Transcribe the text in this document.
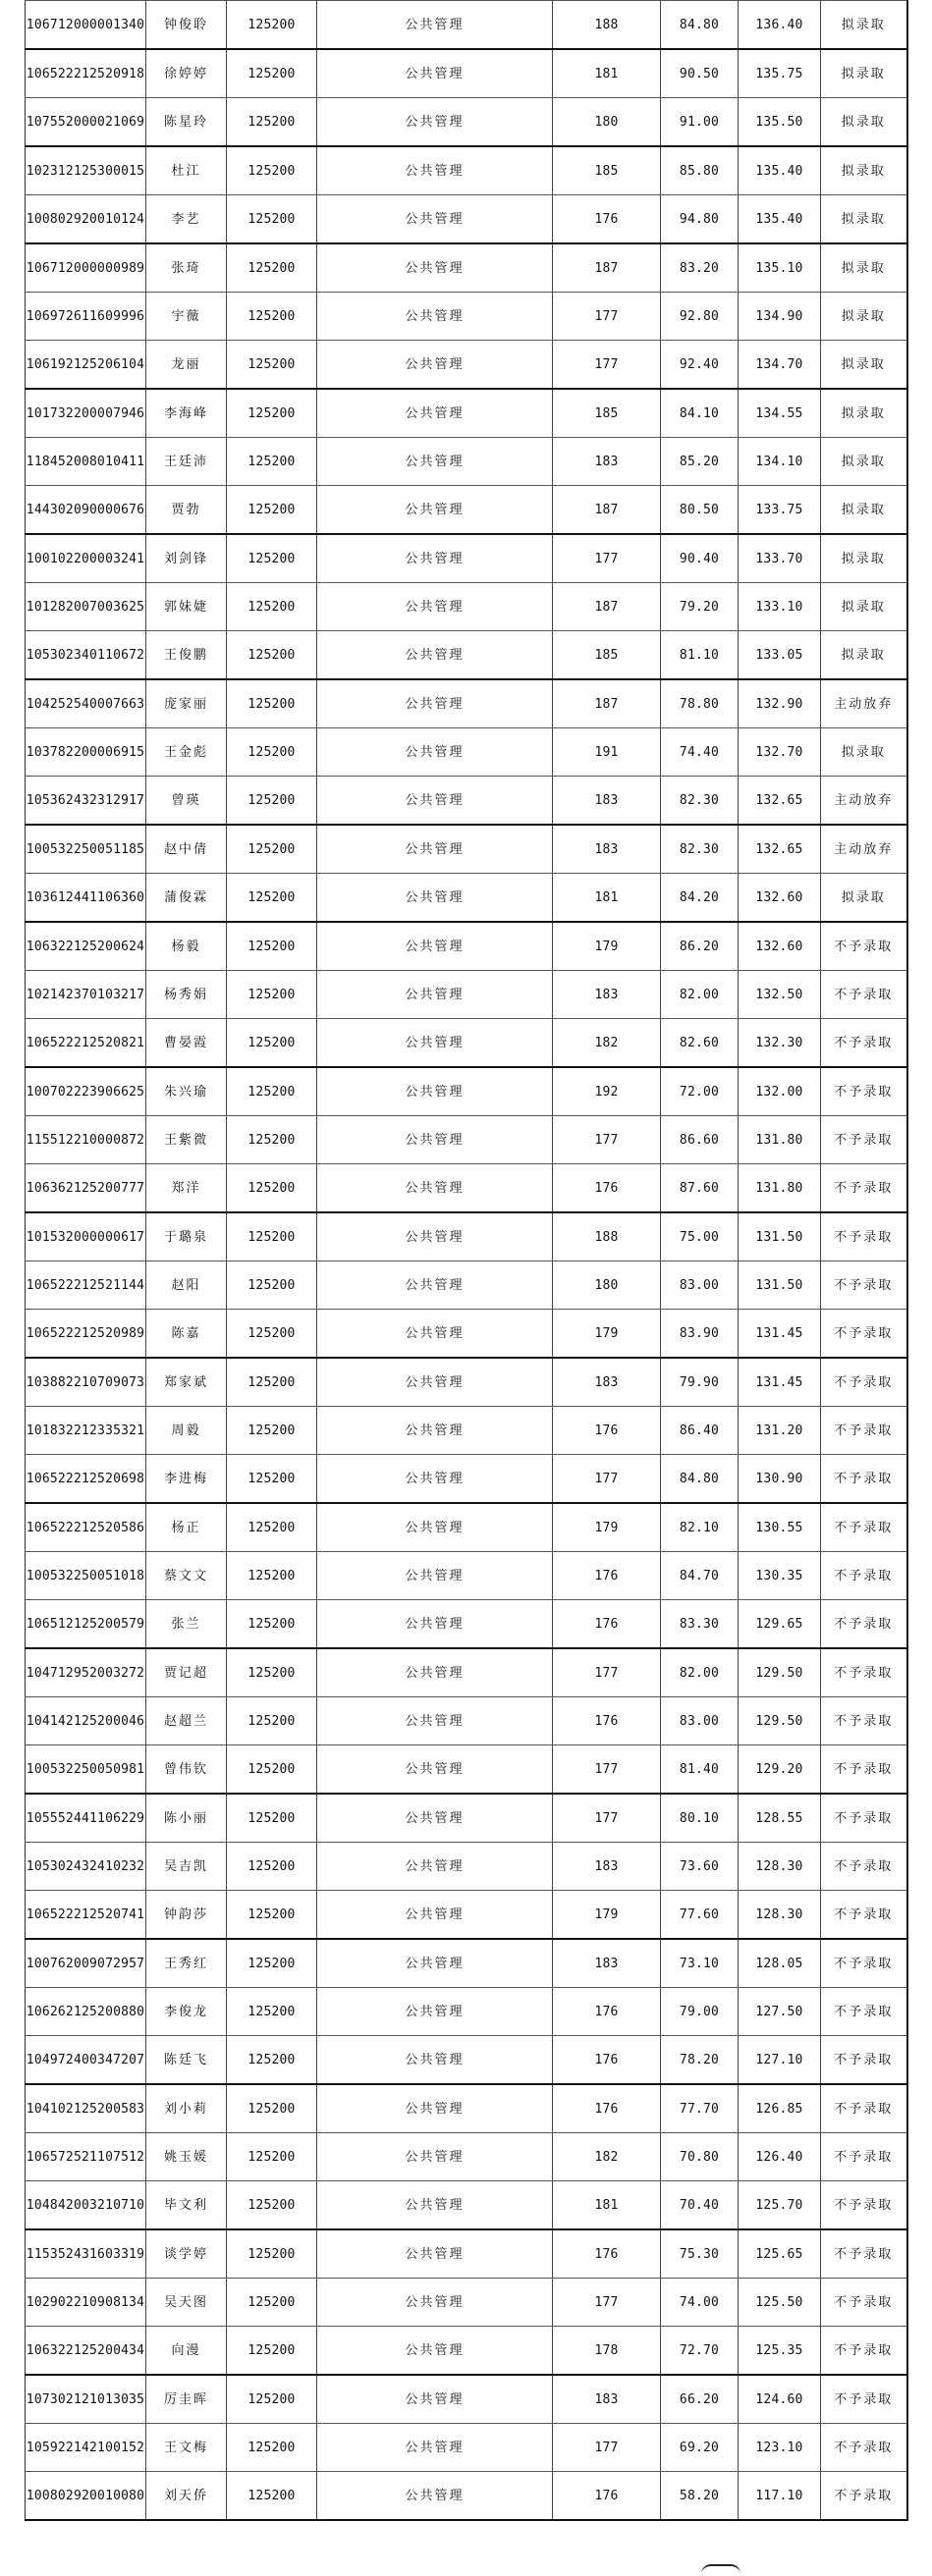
106712000001340	钟俊聆	125200	公共管理	188	84.80	136.40	拟录取
106522212520918	徐婷婷	125200	公共管理	181	90.50	135.75	拟录取
107552000021069	陈星玲	125200	公共管理	180	91.00	135.50	拟录取
102312125300015	杜江	125200	公共管理	185	85.80	135.40	拟录取
100802920010124	李艺	125200	公共管理	176	94.80	135.40	拟录取
106712000000989	张琦	125200	公共管理	187	83.20	135.10	拟录取
106972611609996	宇薇	125200	公共管理	177	92.80	134.90	拟录取
106192125206104	龙丽	125200	公共管理	177	92.40	134.70	拟录取
101732200007946	李海峰	125200	公共管理	185	84.10	134.55	拟录取
118452008010411	王廷沛	125200	公共管理	183	85.20	134.10	拟录取
144302090000676	贾勃	125200	公共管理	187	80.50	133.75	拟录取
100102200003241	刘剑锋	125200	公共管理	177	90.40	133.70	拟录取
101282007003625	郭妹婕	125200	公共管理	187	79.20	133.10	拟录取
105302340110672	王俊鹏	125200	公共管理	185	81.10	133.05	拟录取
104252540007663	庞家丽	125200	公共管理	187	78.80	132.90	主动放弃
103782200006915	王金彪	125200	公共管理	191	74.40	132.70	拟录取
105362432312917	曾瑛	125200	公共管理	183	82.30	132.65	主动放弃
100532250051185	赵中倩	125200	公共管理	183	82.30	132.65	主动放弃
103612441106360	蒲俊霖	125200	公共管理	181	84.20	132.60	拟录取
106322125200624	杨毅	125200	公共管理	179	86.20	132.60	不予录取
102142370103217	杨秀娟	125200	公共管理	183	82.00	132.50	不予录取
106522212520821	曹晏霞	125200	公共管理	182	82.60	132.30	不予录取
100702223906625	朱兴瑜	125200	公共管理	192	72.00	132.00	不予录取
115512210000872	王紫微	125200	公共管理	177	86.60	131.80	不予录取
106362125200777	郑洋	125200	公共管理	176	87.60	131.80	不予录取
101532000000617	于璐泉	125200	公共管理	188	75.00	131.50	不予录取
106522212521144	赵阳	125200	公共管理	180	83.00	131.50	不予录取
106522212520989	陈嘉	125200	公共管理	179	83.90	131.45	不予录取
103882210709073	郑家斌	125200	公共管理	183	79.90	131.45	不予录取
101832212335321	周毅	125200	公共管理	176	86.40	131.20	不予录取
106522212520698	李进梅	125200	公共管理	177	84.80	130.90	不予录取
106522212520586	杨正	125200	公共管理	179	82.10	130.55	不予录取
100532250051018	蔡文文	125200	公共管理	176	84.70	130.35	不予录取
106512125200579	张兰	125200	公共管理	176	83.30	129.65	不予录取
104712952003272	贾记超	125200	公共管理	177	82.00	129.50	不予录取
104142125200046	赵超兰	125200	公共管理	176	83.00	129.50	不予录取
100532250050981	曾伟钦	125200	公共管理	177	81.40	129.20	不予录取
105552441106229	陈小丽	125200	公共管理	177	80.10	128.55	不予录取
105302432410232	吴吉凯	125200	公共管理	183	73.60	128.30	不予录取
106522212520741	钟韵莎	125200	公共管理	179	77.60	128.30	不予录取
100762009072957	王秀红	125200	公共管理	183	73.10	128.05	不予录取
106262125200880	李俊龙	125200	公共管理	176	79.00	127.50	不予录取
104972400347207	陈廷飞	125200	公共管理	176	78.20	127.10	不予录取
104102125200583	刘小莉	125200	公共管理	176	77.70	126.85	不予录取
106572521107512	姚玉媛	125200	公共管理	182	70.80	126.40	不予录取
104842003210710	毕文利	125200	公共管理	181	70.40	125.70	不予录取
115352431603319	谈学婷	125200	公共管理	176	75.30	125.65	不予录取
102902210908134	吴天图	125200	公共管理	177	74.00	125.50	不予录取
106322125200434	向漫	125200	公共管理	178	72.70	125.35	不予录取
107302121013035	厉圭晖	125200	公共管理	183	66.20	124.60	不予录取
105922142100152	王文梅	125200	公共管理	177	69.20	123.10	不予录取
100802920010080	刘天侨	125200	公共管理	176	58.20	117.10	不予录取
